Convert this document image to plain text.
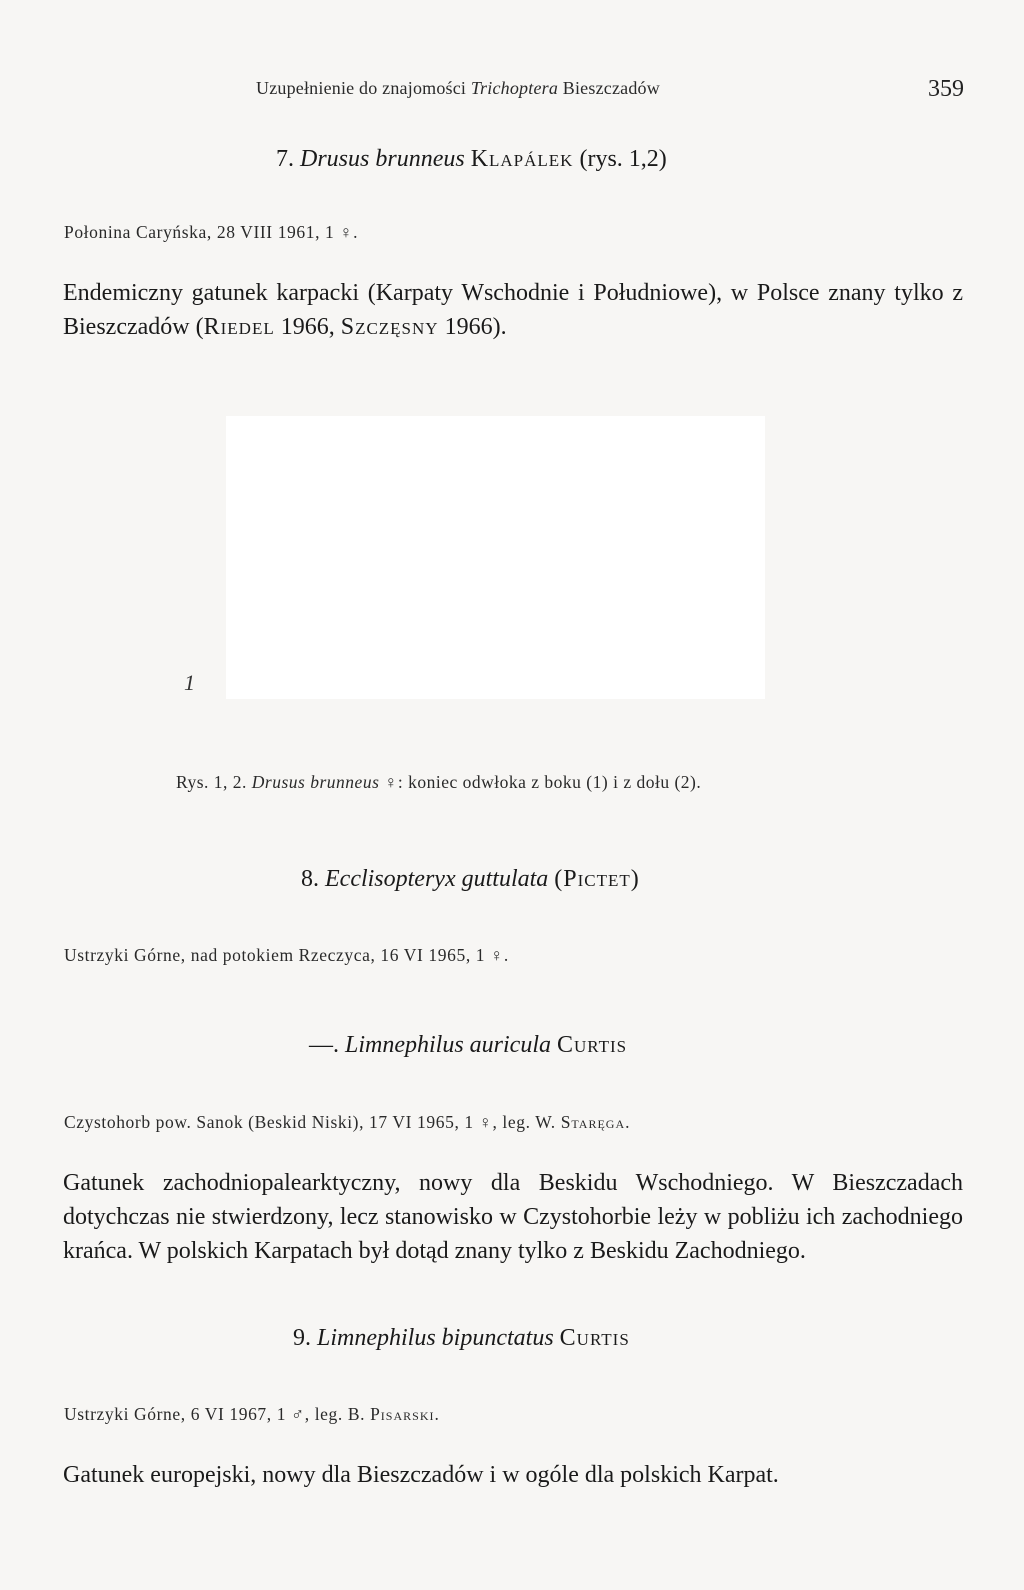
Uzupełnienie do znajomości Trichoptera Bieszczadów	359
7. Drusus brunneus Klapálek (rys. 1,2)
Połonina Caryńska, 28 VIII 1961, 1 ♀.
Endemiczny gatunek karpacki (Karpaty Wschodnie i Południowe), w Polsce znany tylko z Bieszczadów (Riedel 1966, Szczęsny 1966).
1
Rys. 1, 2. Drusus brunneus ♀: koniec odwłoka z boku (1) i z dołu (2).
8. Ecclisopteryx guttulata (Pictet)
Ustrzyki Górne, nad potokiem Rzeczyca, 16 VI 1965, 1 ♀.
—. Limnephilus auricula Curtis
Czystohorb pow. Sanok (Beskid Niski), 17 VI 1965, 1 ♀, leg. W. Staręga.
Gatunek zachodniopalearktyczny, nowy dla Beskidu Wschodniego. W Bieszczadach dotychczas nie stwierdzony, lecz stanowisko w Czystohorbie leży w pobliżu ich zachodniego krańca. W polskich Karpatach był dotąd znany tylko z Beskidu Zachodniego.
9. Limnephilus bipunctatus Curtis
Ustrzyki Górne, 6 VI 1967, 1 ♂, leg. B. Pisarski.
Gatunek europejski, nowy dla Bieszczadów i w ogóle dla polskich Karpat.
